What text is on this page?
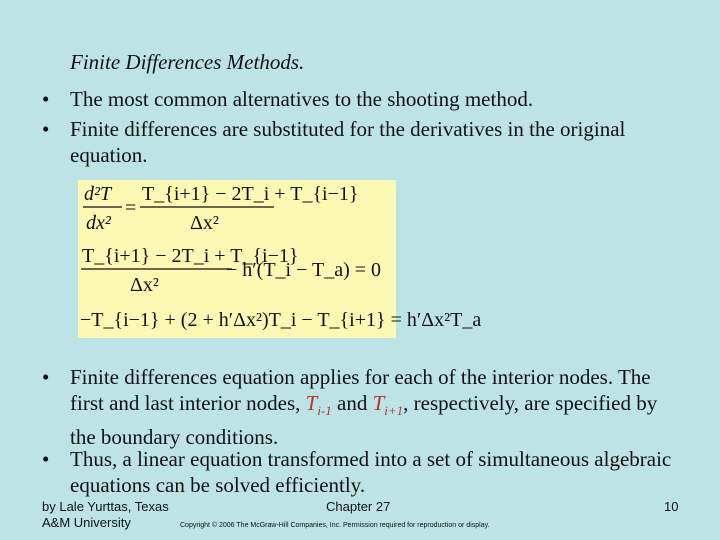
Finite Differences Methods.
• The most common alternatives to the shooting method.
• Finite differences are substituted for the derivatives in the original equation.
d²T
dx²
=
T_{i+1} − 2T_i + T_{i−1}
Δx²
T_{i+1} − 2T_i + T_{i−1}
Δx²
− h′(T_i − T_a) = 0
−T_{i−1} + (2 + h′Δx²)T_i − T_{i+1} = h′Δx²T_a
• Finite differences equation applies for each of the interior nodes. The first and last interior nodes, $T_{i-1}$ and $T_{i+1}$, respectively, are specified by the boundary conditions.
• Thus, a linear equation transformed into a set of simultaneous algebraic equations can be solved efficiently.
by Lale Yurttas, Texas
A&M University
Chapter 27
Copyright © 2006 The McGraw-Hill Companies, Inc. Permission required for reproduction or display.
10
